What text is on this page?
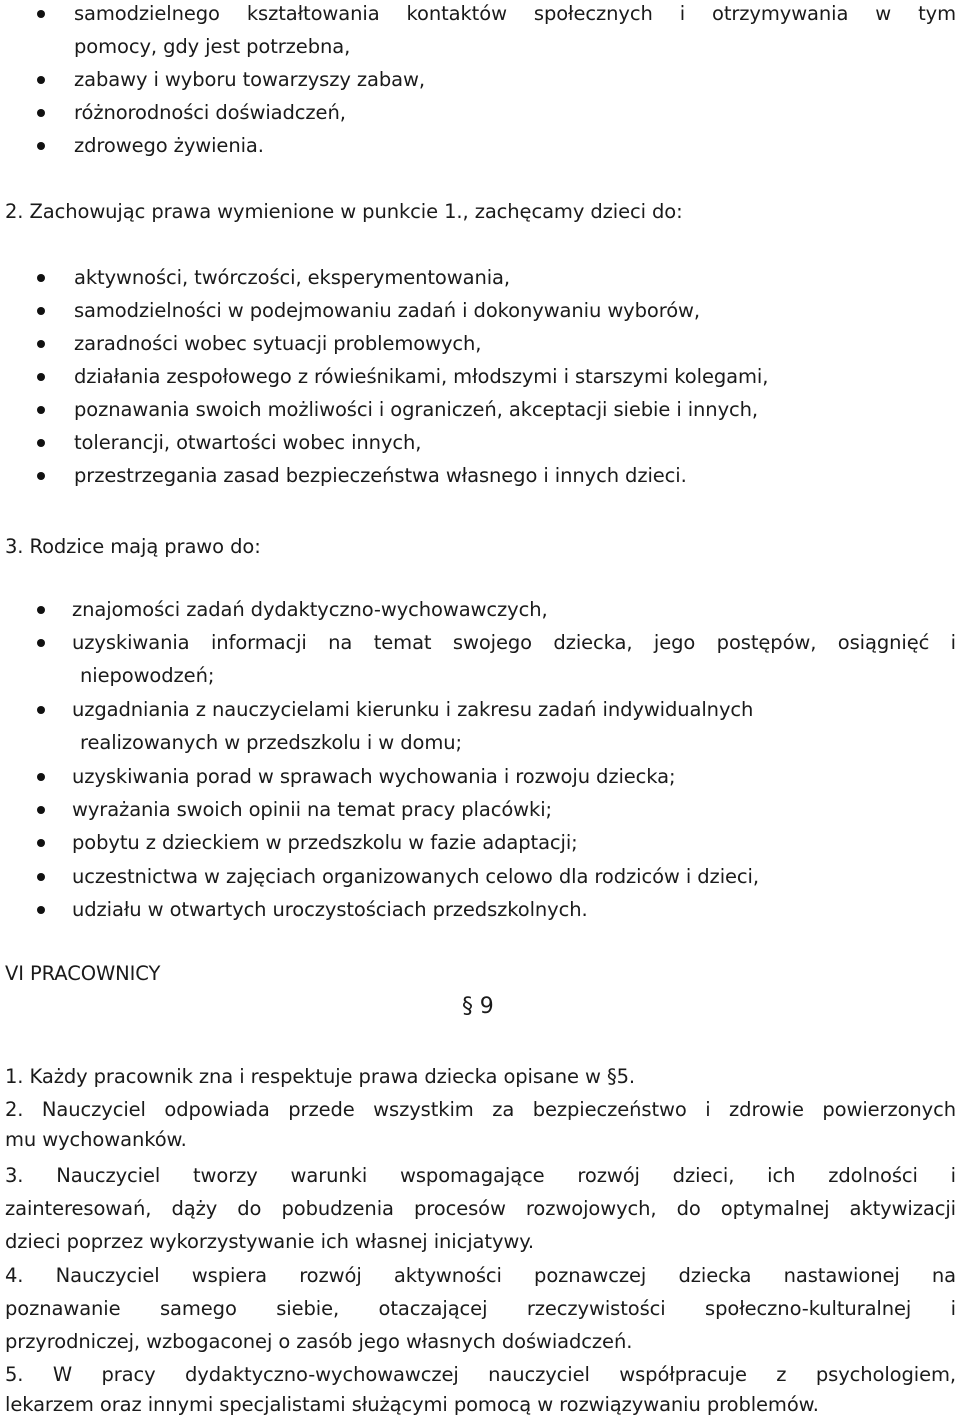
samodzielnego kształtowania kontaktów społecznych i otrzymywania w tym
pomocy, gdy jest potrzebna,
zabawy i wyboru towarzyszy zabaw,
różnorodności doświadczeń,
zdrowego żywienia.
2. Zachowując prawa wymienione w punkcie 1., zachęcamy dzieci do:
aktywności, twórczości, eksperymentowania,
samodzielności w podejmowaniu zadań i dokonywaniu wyborów,
zaradności wobec sytuacji problemowych,
działania zespołowego z rówieśnikami, młodszymi i starszymi kolegami,
poznawania swoich możliwości i ograniczeń, akceptacji siebie i innych,
tolerancji, otwartości wobec innych,
przestrzegania zasad bezpieczeństwa własnego i innych dzieci.
3. Rodzice mają prawo do:
znajomości zadań dydaktyczno-wychowawczych,
uzyskiwania informacji na temat swojego dziecka, jego postępów, osiągnięć i
niepowodzeń;
uzgadniania z nauczycielami kierunku i zakresu zadań indywidualnych
realizowanych w przedszkolu i w domu;
uzyskiwania porad w sprawach wychowania i rozwoju dziecka;
wyrażania swoich opinii na temat pracy placówki;
pobytu z dzieckiem w przedszkolu w fazie adaptacji;
uczestnictwa w zajęciach organizowanych celowo dla rodziców i dzieci,
udziału w otwartych uroczystościach przedszkolnych.
VI PRACOWNICY
§ 9
1. Każdy pracownik zna i respektuje prawa dziecka opisane w §5.
2. Nauczyciel odpowiada przede wszystkim za bezpieczeństwo i zdrowie powierzonych
mu wychowanków.
3. Nauczyciel tworzy warunki wspomagające rozwój dzieci, ich zdolności i
zainteresowań, dąży do pobudzenia procesów rozwojowych, do optymalnej aktywizacji
dzieci poprzez wykorzystywanie ich własnej inicjatywy.
4. Nauczyciel wspiera rozwój aktywności poznawczej dziecka nastawionej na
poznawanie samego siebie, otaczającej rzeczywistości społeczno-kulturalnej i
przyrodniczej, wzbogaconej o zasób jego własnych doświadczeń.
5. W pracy dydaktyczno-wychowawczej nauczyciel współpracuje z psychologiem,
lekarzem oraz innymi specjalistami służącymi pomocą w rozwiązywaniu problemów.
